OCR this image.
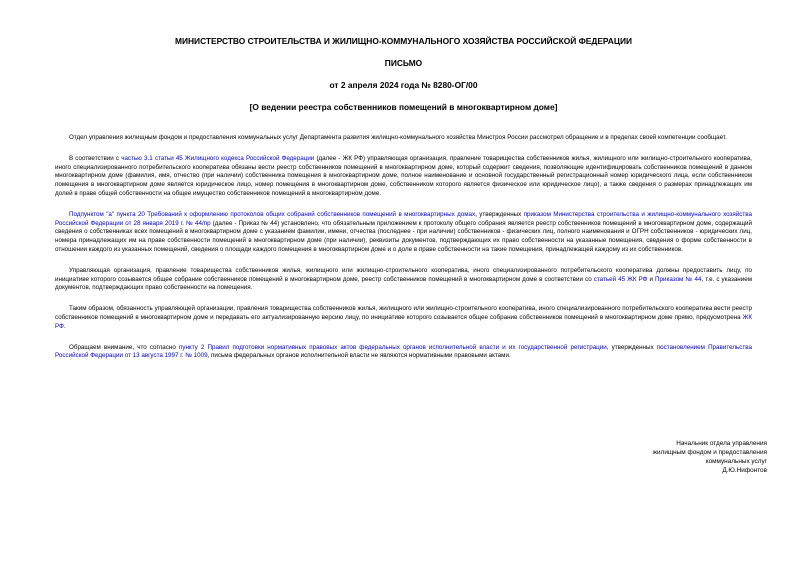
МИНИСТЕРСТВО СТРОИТЕЛЬСТВА И ЖИЛИЩНО-КОММУНАЛЬНОГО ХОЗЯЙСТВА РОССИЙСКОЙ ФЕДЕРАЦИИ
ПИСЬМО
от 2 апреля 2024 года № 8280-ОГ/00
[О ведении реестра собственников помещений в многоквартирном доме]

Отдел управления жилищным фондом и предоставления коммунальных услуг Департамента развития жилищно-коммунального хозяйства Минстроя России рассмотрел обращение и в пределах своей компетенции сообщает.

В соответствии с частью 3.1 статьи 45 Жилищного кодекса Российской Федерации (далее - ЖК РФ) управляющая организация, правление товарищества собственников жилья, жилищного или жилищно-строительного кооператива, иного специализированного потребительского кооператива обязаны вести реестр собственников помещений в многоквартирном доме, который содержит сведения, позволяющие идентифицировать собственников помещений в данном многоквартирном доме (фамилия, имя, отчество (при наличии) собственника помещения в многоквартирном доме, полное наименование и основной государственный регистрационный номер юридического лица, если собственником помещения в многоквартирном доме является юридическое лицо, номер помещения в многоквартирном доме, собственником которого является физическое или юридическое лицо), а также сведения о размерах принадлежащих им долей в праве общей собственности на общее имущество собственников помещений в многоквартирном доме.

Подпунктом "а" пункта 20 Требований к оформлению протоколов общих собраний собственников помещений в многоквартирных домах, утвержденных приказом Министерства строительства и жилищно-коммунального хозяйства Российской Федерации от 28 января 2019 г. № 44/пр (далее - Приказ № 44) установлено, что обязательным приложением к протоколу общего собрания является реестр собственников помещений в многоквартирном доме, содержащий сведения о собственниках всех помещений в многоквартирном доме с указанием фамилии, имени, отчества (последнее - при наличии) собственников - физических лиц, полного наименования и ОГРН собственников - юридических лиц, номера принадлежащих им на праве собственности помещений в многоквартирном доме (при наличии), реквизиты документов, подтверждающих их право собственности на указанные помещения, сведения о форме собственности в отношении каждого из указанных помещений, сведения о площади каждого помещения в многоквартирном доме и о доле в праве собственности на такие помещения, принадлежащей каждому из их собственников.

Управляющая организация, правление товарищества собственников жилья, жилищного или жилищно-строительного кооператива, иного специализированного потребительского кооператива должны предоставить лицу, по инициативе которого созывается общее собрание собственников помещений в многоквартирном доме, реестр собственников помещений в многоквартирном доме в соответствии со статьей 45 ЖК РФ и Приказом № 44, т.е. с указанием документов, подтверждающих право собственности на помещения.

Таким образом, обязанность управляющей организации, правления товарищества собственников жилья, жилищного или жилищно-строительного кооператива, иного специализированного потребительского кооператива вести реестр собственников помещений в многоквартирном доме и передавать его актуализированную версию лицу, по инициативе которого созывается общее собрание собственников помещений в многоквартирном доме прямо, предусмотрена ЖК РФ.

Обращаем внимание, что согласно пункту 2 Правил подготовки нормативных правовых актов федеральных органов исполнительной власти и их государственной регистрации, утвержденных постановлением Правительства Российской Федерации от 13 августа 1997 г. № 1009, письма федеральных органов исполнительной власти не являются нормативными правовыми актами.

Начальник отдела управления
жилищным фондом и предоставления
коммунальных услуг
Д.Ю.Нифонтов
